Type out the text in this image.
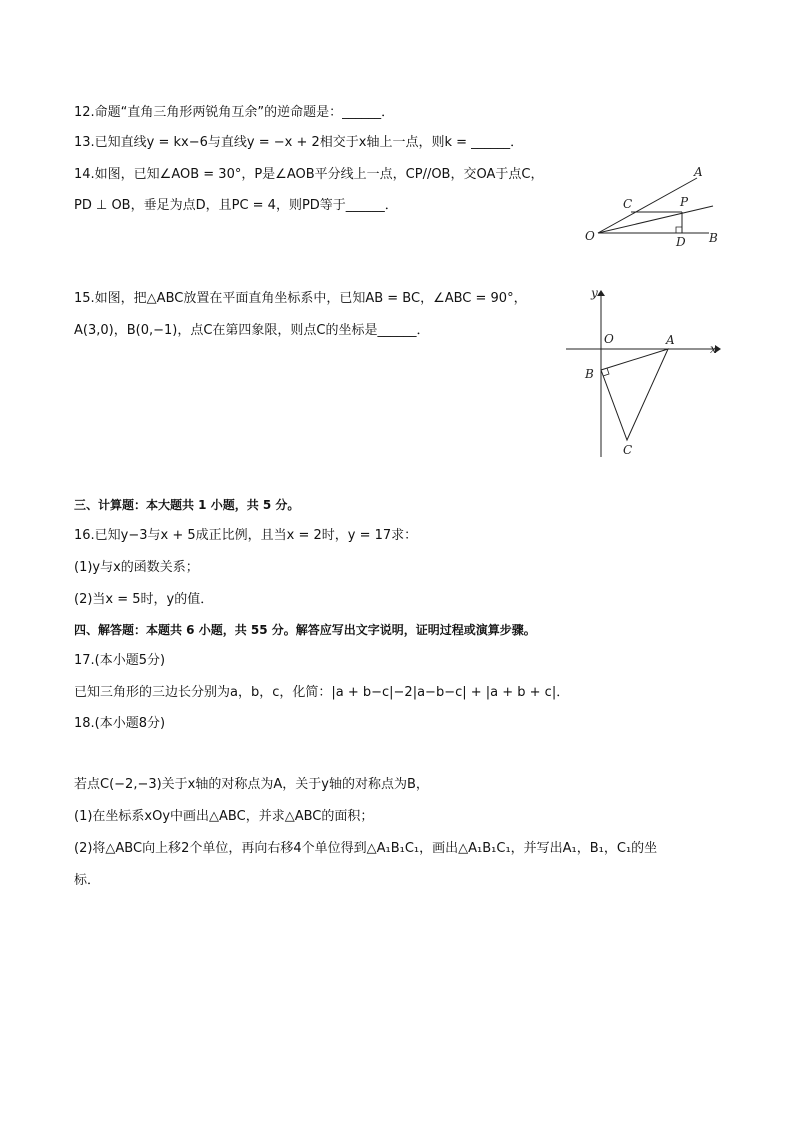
12.命题“直角三角形两锐角互余”的逆命题是：______．
13.已知直线y = kx−6与直线y = −x + 2相交于x轴上一点，则k = ______．
14.如图，已知∠AOB = 30°，P是∠AOB平分线上一点，CP//OB，交OA于点C，
PD ⊥ OB，垂足为点D，且PC = 4，则PD等于______．
A
C	P
O	D B
15.如图，把△ABC放置在平面直角坐标系中，已知AB = BC，∠ABC = 90°，
A(3,0)，B(0,−1)，点C在第四象限，则点C的坐标是______．
y
O	A
x
B
C
三、计算题：本大题共 1 小题，共 5 分。
16.已知y−3与x + 5成正比例，且当x = 2时，y = 17求：
(1)y与x的函数关系；
(2)当x = 5时，y的值．
四、解答题：本题共 6 小题，共 55 分。解答应写出文字说明，证明过程或演算步骤。
17.(本小题5分)
已知三角形的三边长分别为a，b，c，化简：|a + b−c|−2|a−b−c| + |a + b + c|．
18.(本小题8分)
若点C(−2,−3)关于x轴的对称点为A，关于y轴的对称点为B，
(1)在坐标系xOy中画出△ABC，并求△ABC的面积；
(2)将△ABC向上移2个单位，再向右移4个单位得到△A₁B₁C₁，画出△A₁B₁C₁，并写出A₁，B₁，C₁的坐
标．
